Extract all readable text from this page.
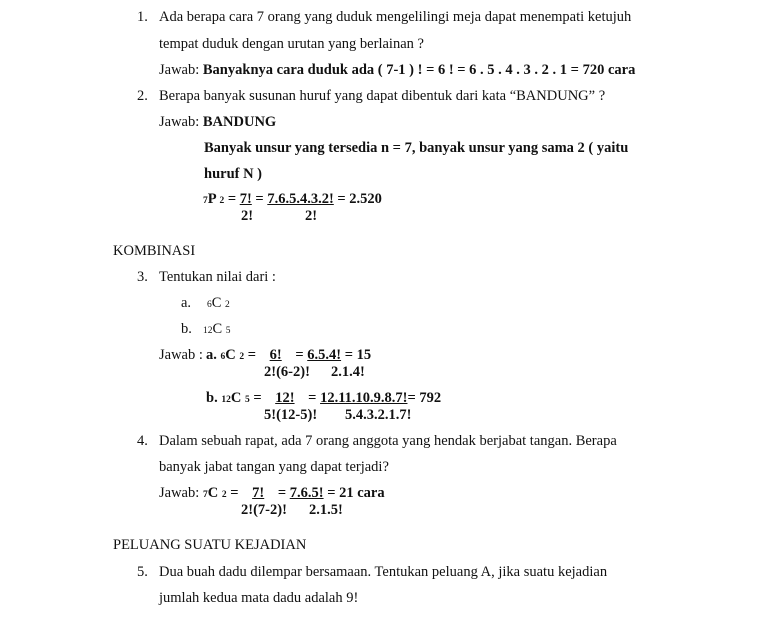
1. Ada berapa cara 7 orang yang duduk mengelilingi meja dapat menempati ketujuh
tempat duduk dengan urutan yang berlainan ?
Jawab: Banyaknya cara duduk ada ( 7-1 ) ! = 6 ! = 6 . 5 . 4 . 3 . 2 . 1 = 720 cara
2. Berapa banyak susunan huruf yang dapat dibentuk dari kata “BANDUNG” ?
Jawab: BANDUNG
Banyak unsur yang tersedia n = 7, banyak unsur yang sama 2 ( yaitu
huruf N )
7P 2 = 7! = 7.6.5.4.3.2! = 2.520
2!	2!
KOMBINASI
3. Tentukan nilai dari :
a. 6C 2
b. 12C 5
Jawab : a. 6C 2 = 6! = 6.5.4! = 15
2!(6-2)! 2.1.4!
b. 12C 5 = 12! = 12.11.10.9.8.7!= 792
5!(12-5)! 5.4.3.2.1.7!
4. Dalam sebuah rapat, ada 7 orang anggota yang hendak berjabat tangan. Berapa
banyak jabat tangan yang dapat terjadi?
Jawab: 7C 2 = 7! = 7.6.5! = 21 cara
2!(7-2)! 2.1.5!
PELUANG SUATU KEJADIAN
5. Dua buah dadu dilempar bersamaan. Tentukan peluang A, jika suatu kejadian
jumlah kedua mata dadu adalah 9!
